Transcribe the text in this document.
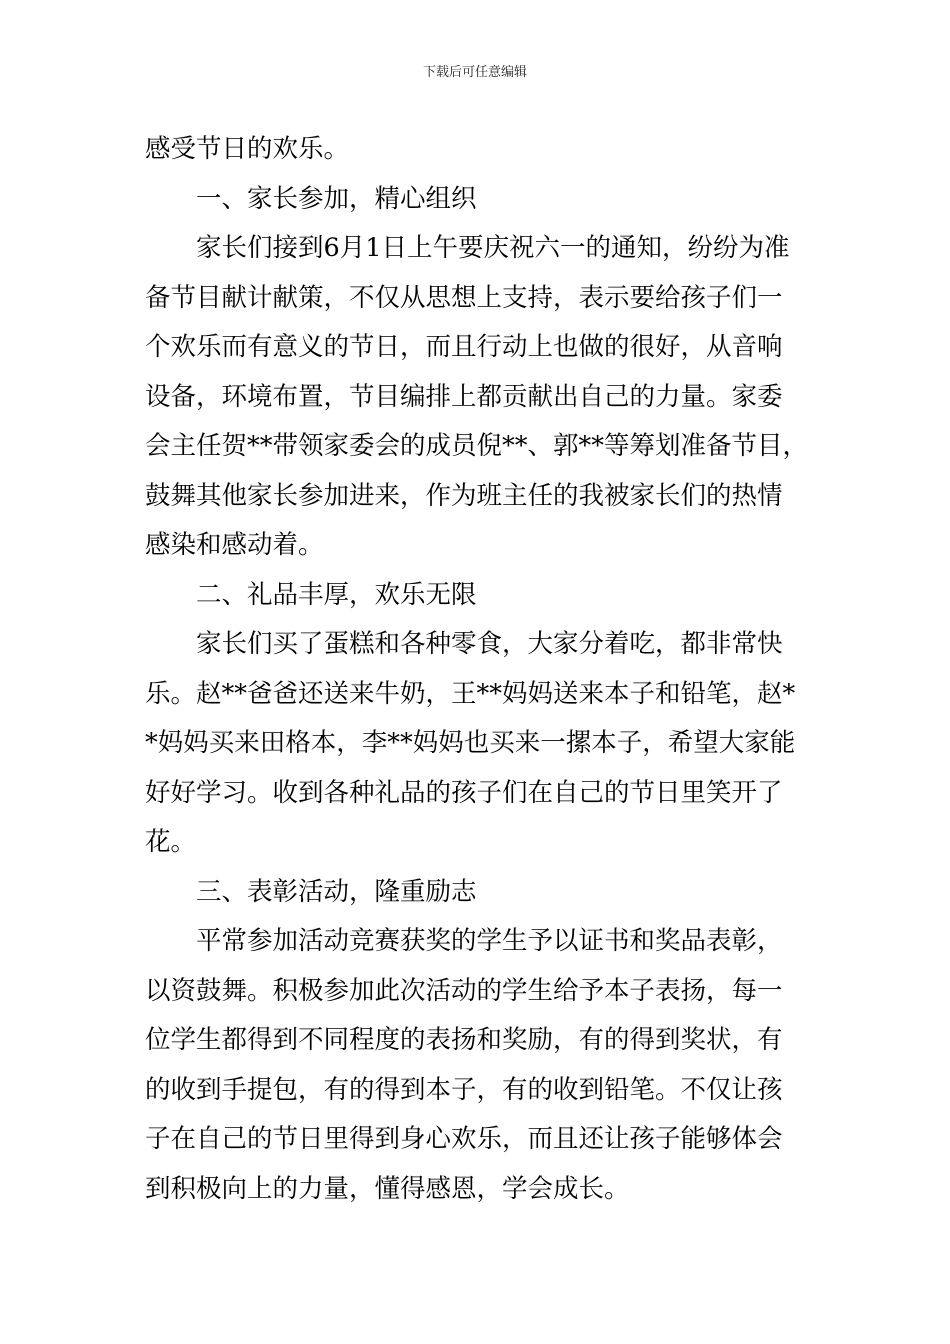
下载后可任意编辑
感受节日的欢乐。
一、家长参加，精心组织
家长们接到6月1日上午要庆祝六一的通知，纷纷为准
备节目献计献策，不仅从思想上支持，表示要给孩子们一
个欢乐而有意义的节日，而且行动上也做的很好，从音响
设备，环境布置，节目编排上都贡献出自己的力量。家委
会主任贺**带领家委会的成员倪**、郭**等筹划准备节目，
鼓舞其他家长参加进来，作为班主任的我被家长们的热情
感染和感动着。
二、礼品丰厚，欢乐无限
家长们买了蛋糕和各种零食，大家分着吃，都非常快
乐。赵**爸爸还送来牛奶，王**妈妈送来本子和铅笔，赵*
*妈妈买来田格本，李**妈妈也买来一摞本子，希望大家能
好好学习。收到各种礼品的孩子们在自己的节日里笑开了
花。
三、表彰活动，隆重励志
平常参加活动竞赛获奖的学生予以证书和奖品表彰，
以资鼓舞。积极参加此次活动的学生给予本子表扬，每一
位学生都得到不同程度的表扬和奖励，有的得到奖状，有
的收到手提包，有的得到本子，有的收到铅笔。不仅让孩
子在自己的节日里得到身心欢乐，而且还让孩子能够体会
到积极向上的力量，懂得感恩，学会成长。
